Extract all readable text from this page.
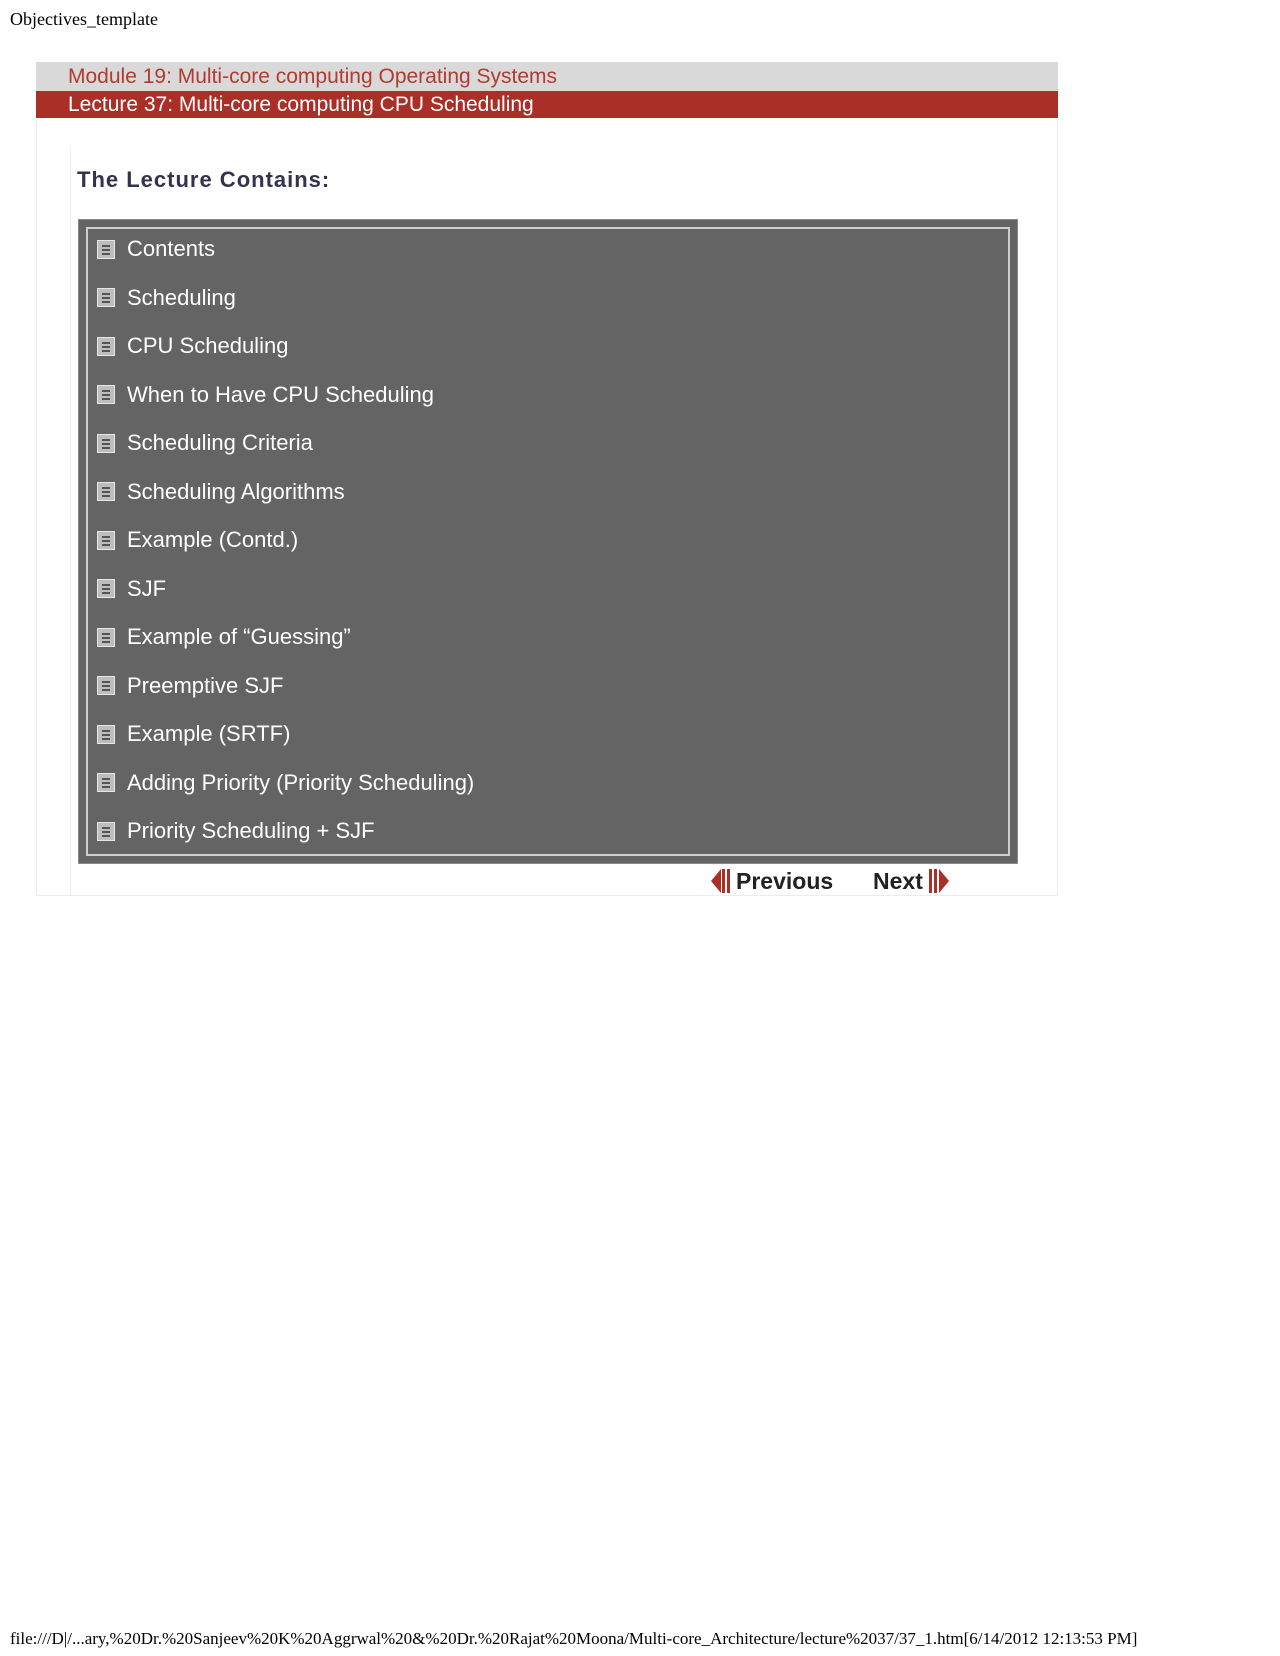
Objectives_template
Module 19: Multi-core computing Operating Systems
Lecture 37: Multi-core computing CPU Scheduling
The Lecture Contains:
Contents
Scheduling
CPU Scheduling
When to Have CPU Scheduling
Scheduling Criteria
Scheduling Algorithms
Example (Contd.)
SJF
Example of “Guessing”
Preemptive SJF
Example (SRTF)
Adding Priority (Priority Scheduling)
Priority Scheduling + SJF
Previous Next
file:///D|/...ary,%20Dr.%20Sanjeev%20K%20Aggrwal%20&%20Dr.%20Rajat%20Moona/Multi-core_Architecture/lecture%2037/37_1.htm[6/14/2012 12:13:53 PM]
